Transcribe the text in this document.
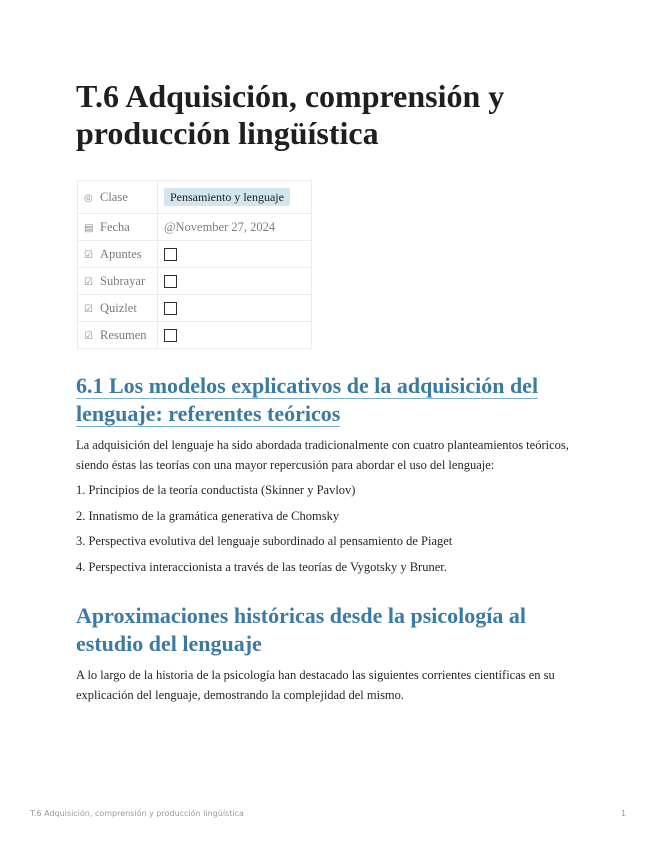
T.6 Adquisición, comprensión y producción lingüística
◎ Clase	Pensamiento y lenguaje
▤ Fecha	@November 27, 2024
☑ Apuntes	
☑ Subrayar	
☑ Quizlet	
☑ Resumen	
6.1 Los modelos explicativos de la adquisición del lenguaje: referentes teóricos

La adquisición del lenguaje ha sido abordada tradicionalmente con cuatro planteamientos teóricos, siendo éstas las teorías con una mayor repercusión para abordar el uso del lenguaje:

1. Principios de la teoría conductista (Skinner y Pavlov)

2. Innatismo de la gramática generativa de Chomsky

3. Perspectiva evolutiva del lenguaje subordinado al pensamiento de Piaget

4. Perspectiva interaccionista a través de las teorías de Vygotsky y Bruner.

Aproximaciones históricas desde la psicología al estudio del lenguaje

A lo largo de la historia de la psicología han destacado las siguientes corrientes científicas en su explicación del lenguaje, demostrando la complejidad del mismo.

T.6 Adquisición, comprensión y producción lingüística	1
